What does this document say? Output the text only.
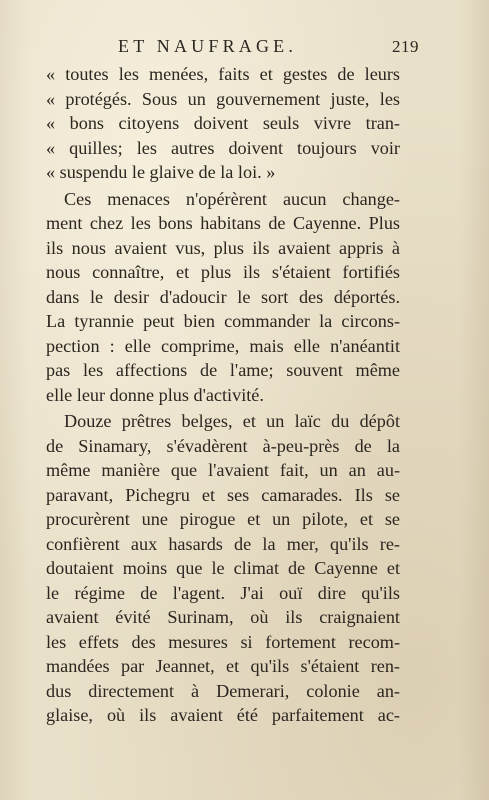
ET NAUFRAGE.	219
« toutes les menées, faits et gestes de leurs
« protégés. Sous un gouvernement juste, les
« bons citoyens doivent seuls vivre tran-
« quilles; les autres doivent toujours voir
« suspendu le glaive de la loi. »
Ces menaces n'opérèrent aucun change-
ment chez les bons habitans de Cayenne. Plus
ils nous avaient vus, plus ils avaient appris à
nous connaître, et plus ils s'étaient fortifiés
dans le desir d'adoucir le sort des déportés.
La tyrannie peut bien commander la circons-
pection : elle comprime, mais elle n'anéantit
pas les affections de l'ame; souvent même
elle leur donne plus d'activité.
Douze prêtres belges, et un laïc du dépôt
de Sinamary, s'évadèrent à-peu-près de la
même manière que l'avaient fait, un an au-
paravant, Pichegru et ses camarades. Ils se
procurèrent une pirogue et un pilote, et se
confièrent aux hasards de la mer, qu'ils re-
doutaient moins que le climat de Cayenne et
le régime de l'agent. J'ai ouï dire qu'ils
avaient évité Surinam, où ils craignaient
les effets des mesures si fortement recom-
mandées par Jeannet, et qu'ils s'étaient ren-
dus directement à Demerari, colonie an-
glaise, où ils avaient été parfaitement ac-
